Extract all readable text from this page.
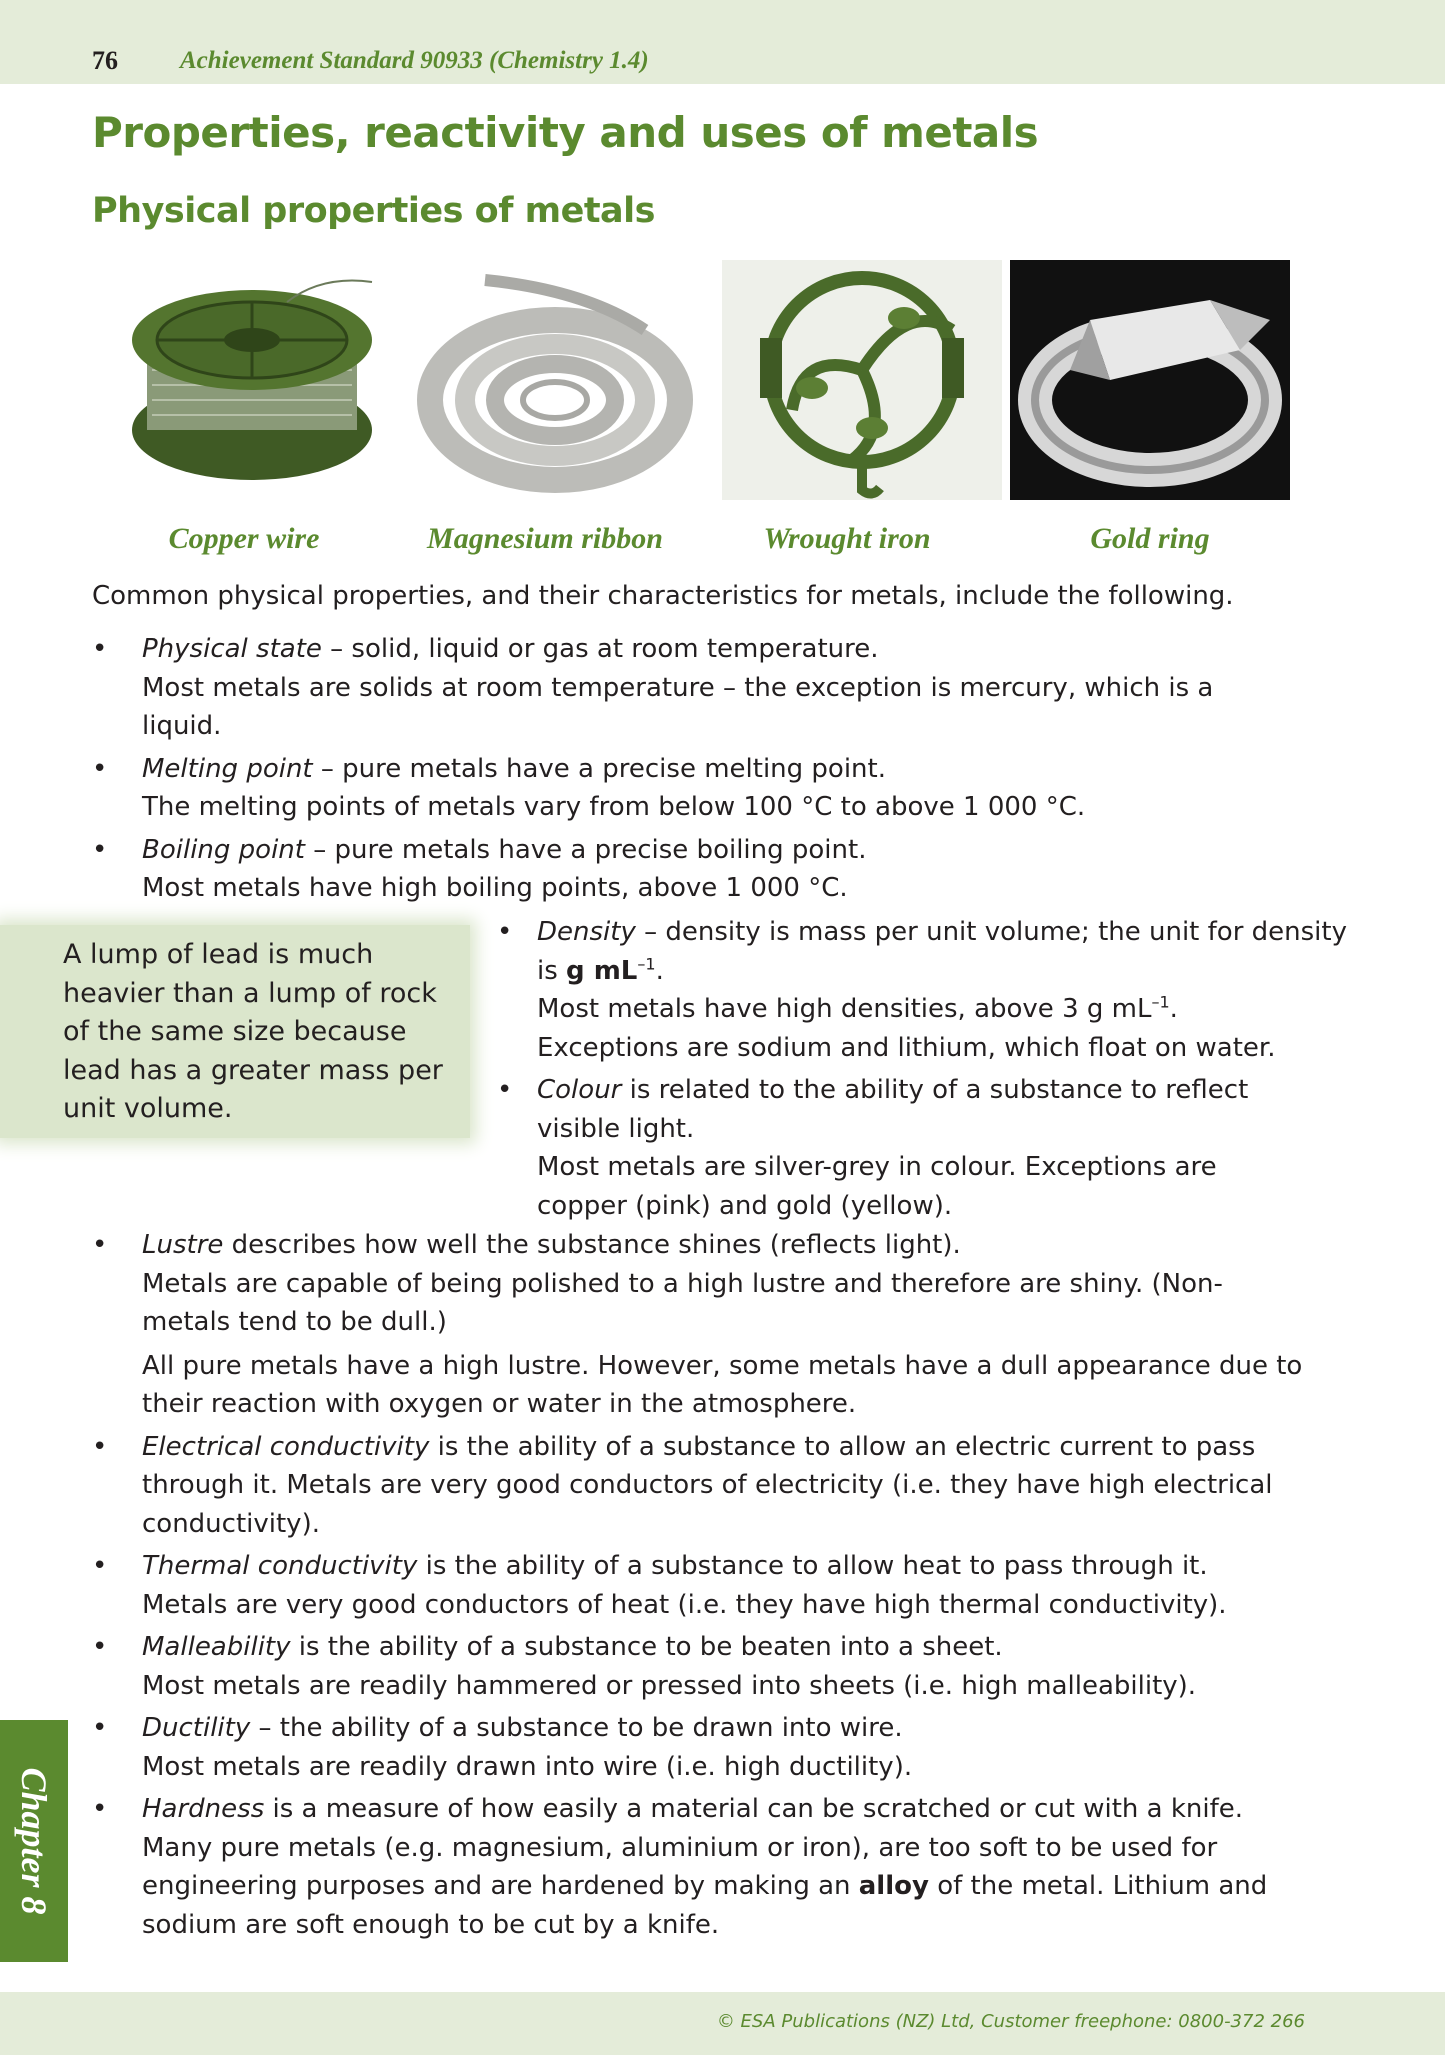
76 Achievement Standard 90933 (Chemistry 1.4)
Properties, reactivity and uses of metals
Physical properties of metals
Copper wire	Magnesium ribbon	Wrought iron	Gold ring
Common physical properties, and their characteristics for metals, include the following.

• Physical state – solid, liquid or gas at room temperature.

Most metals are solids at room temperature – the exception is mercury, which is a liquid.

• Melting point – pure metals have a precise melting point.

The melting points of metals vary from below 100 °C to above 1 000 °C.

• Boiling point – pure metals have a precise boiling point.

Most metals have high boiling points, above 1 000 °C.

A lump of lead is much heavier than a lump of rock of the same size because lead has a greater mass per unit volume.

• Density – density is mass per unit volume; the unit for density is g $mL^{-1}$.

Most metals have high densities, above 3 g $mL^{-1}$.

Exceptions are sodium and lithium, which float on water.

• Colour is related to the ability of a substance to reflect visible light.

Most metals are silver-grey in colour. Exceptions are copper (pink) and gold (yellow).

• Lustre describes how well the substance shines (reflects light).

Metals are capable of being polished to a high lustre and therefore are shiny. (Non-metals tend to be dull.)

All pure metals have a high lustre. However, some metals have a dull appearance due to their reaction with oxygen or water in the atmosphere.

• Electrical conductivity is the ability of a substance to allow an electric current to pass through it. Metals are very good conductors of electricity (i.e. they have high electrical conductivity).

• Thermal conductivity is the ability of a substance to allow heat to pass through it.

Metals are very good conductors of heat (i.e. they have high thermal conductivity).

• Malleability is the ability of a substance to be beaten into a sheet.

Most metals are readily hammered or pressed into sheets (i.e. high malleability).

• Ductility – the ability of a substance to be drawn into wire.

Most metals are readily drawn into wire (i.e. high ductility).

• Hardness is a measure of how easily a material can be scratched or cut with a knife.

Many pure metals (e.g. magnesium, aluminium or iron), are too soft to be used for engineering purposes and are hardened by making an alloy of the metal. Lithium and sodium are soft enough to be cut by a knife.

Chapter 8
© ESA Publications (NZ) Ltd, Customer freephone: 0800-372 266
